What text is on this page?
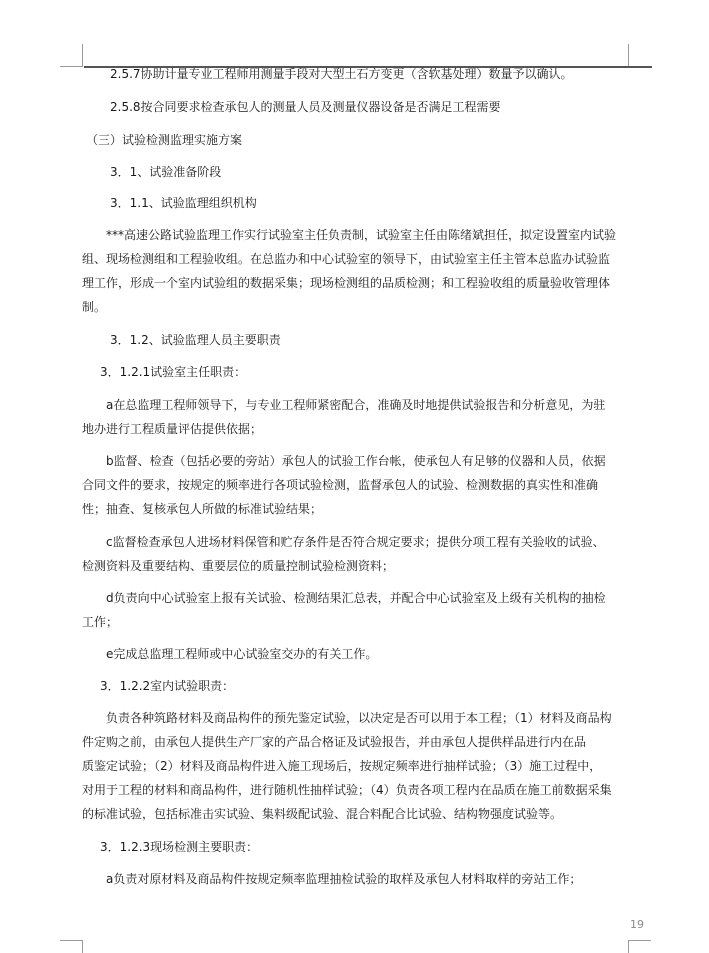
2.5.7协助计量专业工程师用测量手段对大型土石方变更（含软基处理）数量予以确认。

2.5.8按合同要求检查承包人的测量人员及测量仪器设备是否满足工程需要

（三）试验检测监理实施方案

3．1、试验准备阶段

3．1.1、试验监理组织机构

***高速公路试验监理工作实行试验室主任负责制，试验室主任由陈绪斌担任，拟定设置室内试验

组、现场检测组和工程验收组。在总监办和中心试验室的领导下，由试验室主任主管本总监办试验监

理工作，形成一个室内试验组的数据采集；现场检测组的品质检测；和工程验收组的质量验收管理体

制。

3．1.2、试验监理人员主要职责

3．1.2.1试验室主任职责：

a在总监理工程师领导下，与专业工程师紧密配合，准确及时地提供试验报告和分析意见，为驻

地办进行工程质量评估提供依据；

b监督、检查（包括必要的旁站）承包人的试验工作台帐，使承包人有足够的仪器和人员，依据

合同文件的要求，按规定的频率进行各项试验检测，监督承包人的试验、检测数据的真实性和准确

性；抽查、复核承包人所做的标准试验结果；

c监督检查承包人进场材料保管和贮存条件是否符合规定要求；提供分项工程有关验收的试验、

检测资料及重要结构、重要层位的质量控制试验检测资料；

d负责向中心试验室上报有关试验、检测结果汇总表，并配合中心试验室及上级有关机构的抽检

工作；

e完成总监理工程师或中心试验室交办的有关工作。

3．1.2.2室内试验职责：

负责各种筑路材料及商品构件的预先鉴定试验，以决定是否可以用于本工程；（1）材料及商品构

件定购之前，由承包人提供生产厂家的产品合格证及试验报告，并由承包人提供样品进行内在品

质鉴定试验；（2）材料及商品构件进入施工现场后，按规定频率进行抽样试验；（3）施工过程中，

对用于工程的材料和商品构件，进行随机性抽样试验；（4）负责各项工程内在品质在施工前数据采集

的标准试验，包括标准击实试验、集料级配试验、混合料配合比试验、结构物强度试验等。

3．1.2.3现场检测主要职责：

a负责对原材料及商品构件按规定频率监理抽检试验的取样及承包人材料取样的旁站工作；

19
